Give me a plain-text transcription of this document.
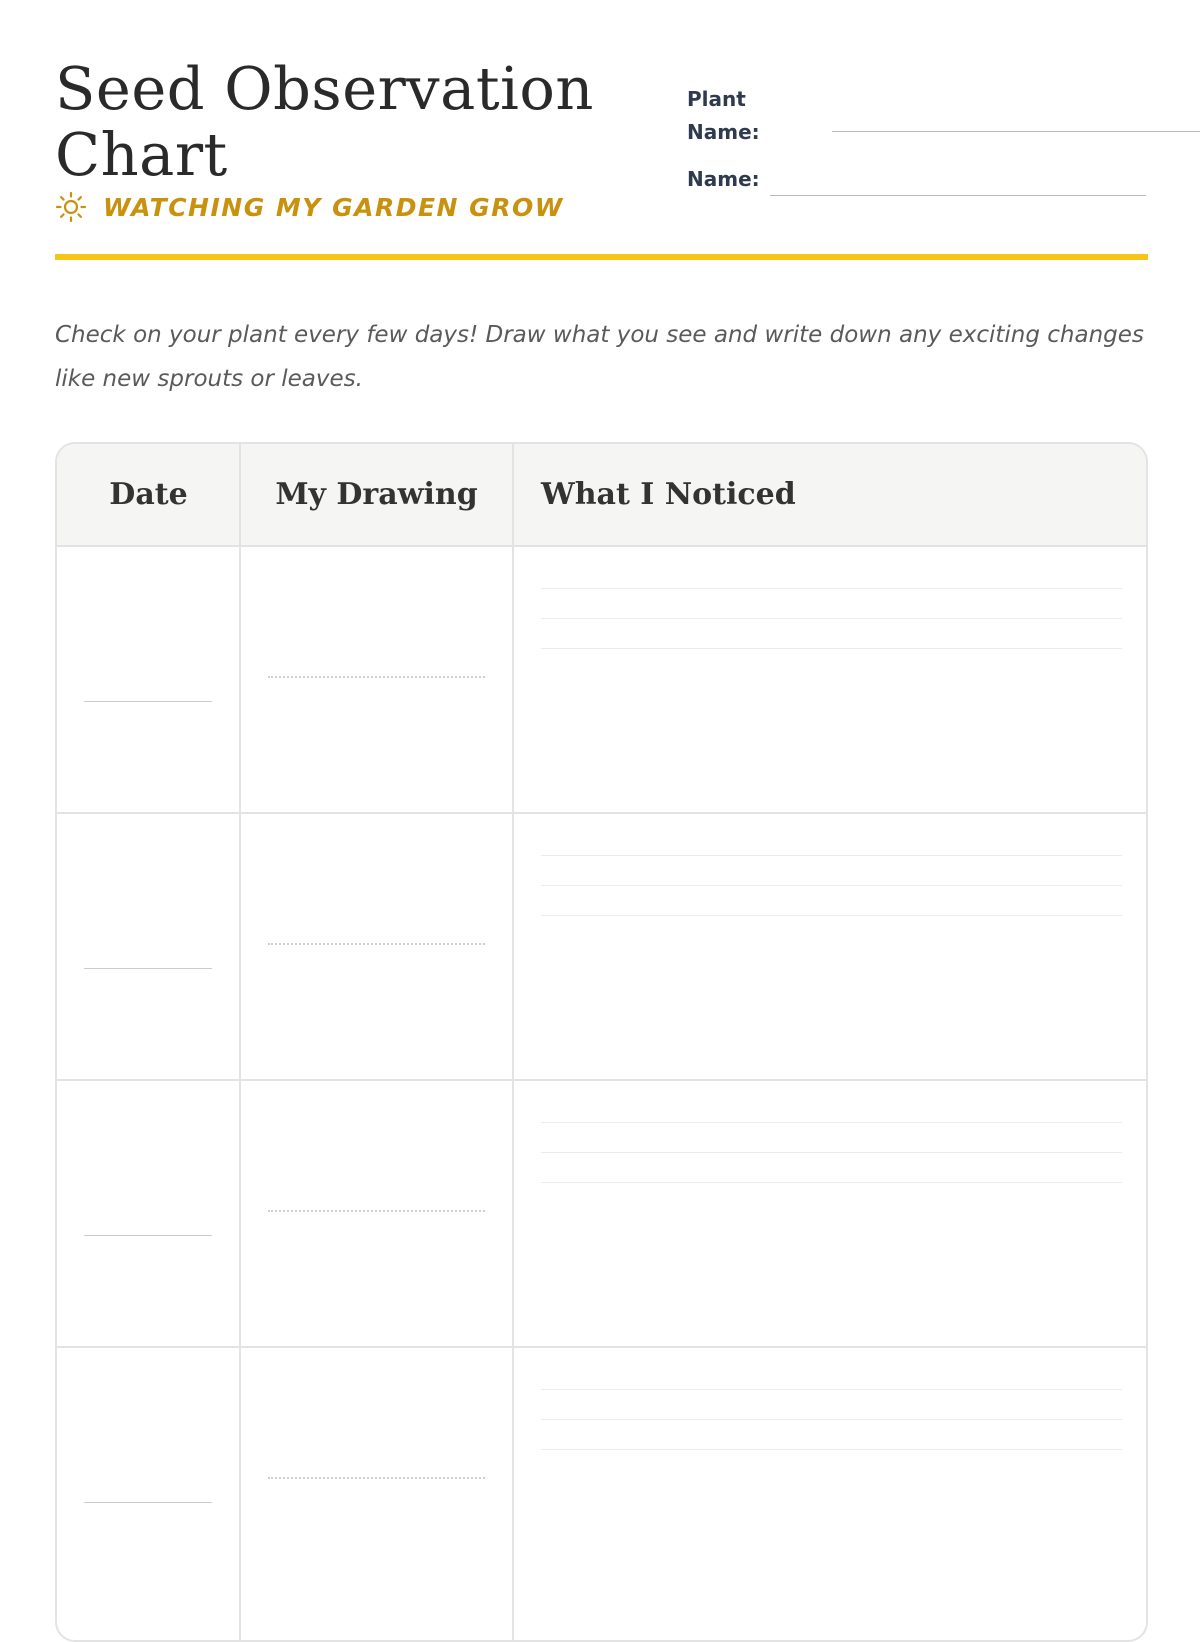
Seed Observation Chart
WATCHING MY GARDEN GROW
Plant Name:
Name:

Check on your plant every few days! Draw what you see and write down any exciting changes like new sprouts or leaves.

Date	My Drawing	What I Noticed
